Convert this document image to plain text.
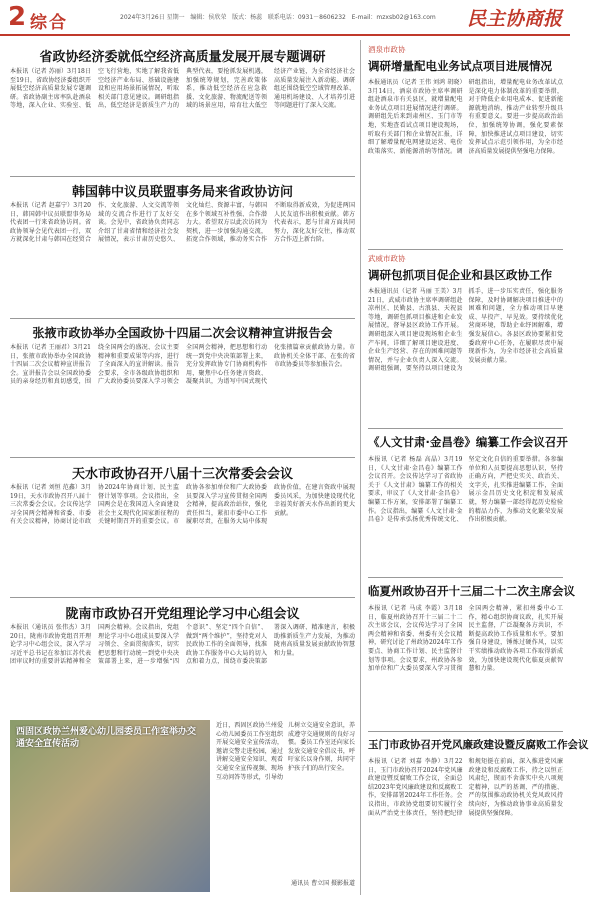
2 综合	2024年3月26日 星期一 编辑：侯欣荣 版式：杨蕊 联系电话：0931－8606232 E-mail：mzxsb02@163.com 民主协商报
省政协经济委就低空经济高质量发展开展专题调研
本报讯（记者 苏丽）3月18日至19日，省政协经济委组织开展低空经济高质量发展专题调研。省政协副主席率队赴酒泉等地，深入企业、实验室、低空飞行营地，实地了解我省低空经济产业布局、基础设施建设和应用场景拓展情况，听取相关部门意见建议。调研组指出，低空经济是新质生产力的典型代表，要抢抓发展机遇，加强统筹规划，完善政策体系，推动低空经济在应急救援、文化旅游、物流配送等领域的场景应用，培育壮大低空经济产业链，为全省经济社会高质量发展注入新动能。调研组还围绕低空空域管理改革、通用机场建设、人才培养引进等问题进行了深入交流。
韩国韩中议员联盟事务局来省政协访问
本报讯（记者 赵嘉宁）3月20日，韩国韩中议员联盟事务局代表团一行来省政协访问。省政协领导会见代表团一行，双方就深化甘肃与韩国在经贸合作、文化旅游、人文交流等领域的交流合作进行了友好交谈。会见中，省政协负责同志介绍了甘肃省情和经济社会发展情况，表示甘肃历史悠久、文化灿烂、资源丰富，与韩国在多个领域互补性强、合作潜力大。希望双方以此次访问为契机，进一步加强沟通交流，拓宽合作领域，推动务实合作不断取得新成效，为促进两国人民友谊作出积极贡献。韩方代表表示，愿与甘肃方面共同努力，深化友好交往，推动双方合作迈上新台阶。
张掖市政协举办全国政协十四届二次会议精神宣讲报告会
本报讯（记者 王丽君）3月21日，张掖市政协举办全国政协十四届二次会议精神宣讲报告会。宣讲报告会以全国政协委员的亲身经历和真切感受，围绕全国两会的盛况、会议主要精神和重要成果等内容，进行了全面深入的宣讲解读。报告会要求，全市各级政协组织和广大政协委员要深入学习领会全国两会精神，把思想和行动统一到党中央决策部署上来，充分发挥政协专门协商机构作用，聚焦中心任务建言资政、凝聚共识，为谱写中国式现代化张掖篇章贡献政协力量。市政协机关全体干部、在张的省市政协委员等参加报告会。
天水市政协召开八届十三次常委会会议
本报讯（记者 刘恒 范鑫）3月19日，天水市政协召开八届十三次常委会会议。会议传达学习全国两会精神和省委、市委有关会议精神，协商讨论市政协2024年协商计划、民主监督计划等事项。会议指出，全国两会是在我国迈入全面建设社会主义现代化国家新征程的关键时期召开的重要会议。市政协各参加单位和广大政协委员要深入学习宣传贯彻全国两会精神，提高政治站位，强化责任担当，紧扣市委中心工作履职尽责，在服务大局中体现政协价值，在建言资政中展现委员风采，为加快建设现代化幸福美好新天水作出新的更大贡献。
陇南市政协召开党组理论学习中心组会议
本报讯（通讯员 张伟杰）3月20日，陇南市政协党组召开理论学习中心组会议，深入学习习近平总书记在参加江苏代表团审议时的重要讲话精神和全国两会精神。会议指出，党组理论学习中心组成员要深入学习领会、全面贯彻落实，切实把思想和行动统一到党中央决策部署上来，进一步增强“四个意识”、坚定“四个自信”、做到“两个维护”，坚持党对人民政协工作的全面领导，找准政协工作服务中心大局的切入点和着力点，围绕市委决策部署深入调研、精准建言，积极助推新质生产力发展，为推动陇南高质量发展贡献政协智慧和力量。
西固区政协兰州爱心幼儿园委员工作室举办交通安全宣传活动
近日，西固区政协兰州爱心幼儿园委员工作室组织开展交通安全宣传活动，邀请交警走进校园，通过讲解交通安全知识、观看交通安全宣传视频、现场互动问答等形式，引导幼儿树立交通安全意识，养成遵守交通规则的良好习惯。委员工作室还向家长发放交通安全倡议书，呼吁家长以身作则，共同守护孩子们的出行安全。
通讯员 曹立国 摄影报道
酒泉市政协
调研增量配电业务试点项目进展情况
本报通讯员（记者 王伟 刘鸿 胡晓）3月14日，酒泉市政协主席率调研组赴酒泉市有关县区，就增量配电业务试点项目进展情况进行调研。调研组先后来到肃州区、玉门市等地，实地查看试点项目建设现场，听取有关部门和企业情况汇报，详细了解增量配电网建设运营、电价政策落实、新能源消纳等情况。调研组指出，增量配电业务改革试点是深化电力体制改革的重要举措，对于降低企业用电成本、促进新能源就地消纳、推动产业转型升级具有重要意义。要进一步提高政治站位，加强统筹协调，强化要素保障，加快推进试点项目建设，切实发挥试点示范引领作用，为全市经济高质量发展提供坚强电力保障。
武威市政协
调研包抓项目促企业和县区政协工作
本报通讯员（记者 马丽 王美）3月21日，武威市政协主席率调研组赴凉州区、民勤县、古浪县、天祝县等地，调研包抓项目推进和企业发展情况，督导县区政协工作开展。调研组深入项目建设现场和企业生产车间，详细了解项目建设进度、企业生产经营、存在的困难问题等情况，并与企业负责人深入交流。调研组强调，要坚持以项目建设为抓手，进一步压实责任，强化服务保障，及时协调解决项目推进中的困难和问题，全力推动项目早建成、早投产、早见效。要持续优化营商环境，帮助企业纾困解难，增强发展信心。各县区政协要紧扣党委政府中心任务，在履职尽责中展现新作为，为全市经济社会高质量发展贡献力量。
《人文甘肃·金昌卷》编纂工作会议召开
本报讯（记者 杨磊 高晶）3月19日，《人文甘肃·金昌卷》编纂工作会议召开。会议传达学习了省政协关于《人文甘肃》编纂工作的相关要求，审议了《人文甘肃·金昌卷》编纂工作方案，安排部署了编纂工作。会议指出，编纂《人文甘肃·金昌卷》是传承弘扬优秀传统文化、坚定文化自信的重要举措。各参编单位和人员要提高思想认识，坚持正确方向，严把史实关、政治关、文字关，扎实推进编纂工作，全面展示金昌历史文化积淀和发展成就，努力编纂一部经得起历史检验的精品力作，为推动文化繁荣发展作出积极贡献。
临夏州政协召开十三届二十二次主席会议
本报讯（记者 马成 李霞）3月18日，临夏州政协召开十三届二十二次主席会议，会议传达学习了全国两会精神和省委、州委有关会议精神，研究讨论了州政协2024年工作要点、协商工作计划、民主监督计划等事项。会议要求，州政协各参加单位和广大委员要深入学习贯彻全国两会精神，紧扣州委中心工作，精心组织协商议政，扎实开展民主监督，广泛凝聚各方共识，不断提高政协工作质量和水平。要加强自身建设，锤炼过硬作风，以实干实绩推动政协各项工作取得新成效，为加快建设现代化临夏贡献智慧和力量。
玉门市政协召开党风廉政建设暨反腐败工作会议
本报讯（记者 刘嘉 李静）3月22日，玉门市政协召开2024年党风廉政建设暨反腐败工作会议，全面总结2023年党风廉政建设和反腐败工作，安排部署2024年工作任务。会议指出，市政协党组要切实履行全面从严治党主体责任，坚持把纪律和规矩挺在前面，深入推进党风廉政建设和反腐败工作，持之以恒正风肃纪，锲而不舍落实中央八项规定精神，以严的基调、严的措施、严的氛围推动政协机关党风政风持续向好，为推动政协事业高质量发展提供坚强保障。
